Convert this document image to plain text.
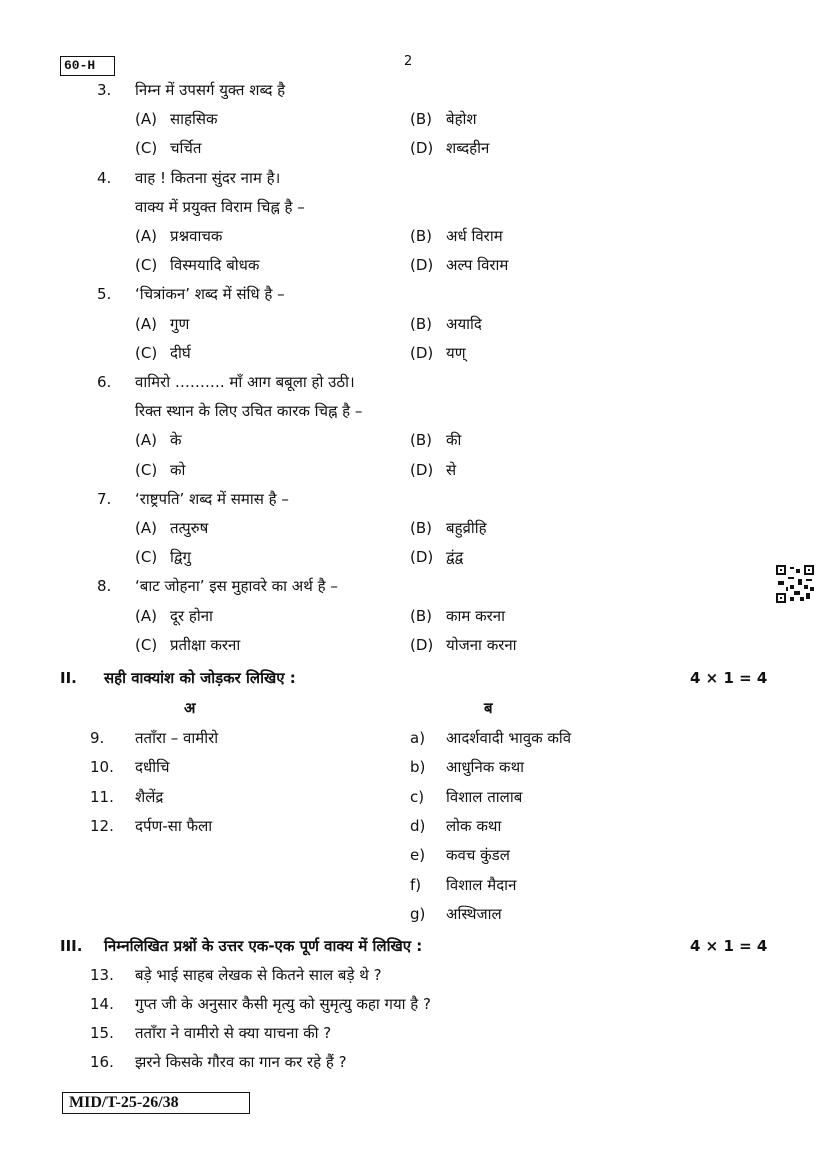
60-H	2
3. निम्न में उपसर्ग युक्त शब्द है
(A) साहसिक	(B) बेहोश
(C) चर्चित	(D) शब्दहीन
4. वाह ! कितना सुंदर नाम है।
वाक्य में प्रयुक्त विराम चिह्न है –
(A) प्रश्नवाचक	(B) अर्ध विराम
(C) विस्मयादि बोधक	(D) अल्प विराम
5. ‘चित्रांकन’ शब्द में संधि है –
(A) गुण	(B) अयादि
(C) दीर्घ	(D) यण्
6. वामिरो ………. माँ आग बबूला हो उठी।
रिक्त स्थान के लिए उचित कारक चिह्न है –
(A) के	(B) की
(C) को	(D) से
7. ‘राष्ट्रपति’ शब्द में समास है –
(A) तत्पुरुष	(B) बहुव्रीहि
(C) द्विगु	(D) द्वंद्व
8. ‘बाट जोहना’ इस मुहावरे का अर्थ है –
(A) दूर होना	(B) काम करना
(C) प्रतीक्षा करना	(D) योजना करना
II. सही वाक्यांश को जोड़कर लिखिए :	4 × 1 = 4
अ	ब
9. तताँरा – वामीरो	a) आदर्शवादी भावुक कवि
10. दधीचि	b) आधुनिक कथा
11. शैलेंद्र	c) विशाल तालाब
12. दर्पण-सा फैला	d) लोक कथा
e) कवच कुंडल
f) विशाल मैदान
g) अस्थिजाल
III. निम्नलिखित प्रश्नों के उत्तर एक-एक पूर्ण वाक्य में लिखिए :	4 × 1 = 4
13. बड़े भाई साहब लेखक से कितने साल बड़े थे ?
14. गुप्त जी के अनुसार कैसी मृत्यु को सुमृत्यु कहा गया है ?
15. तताँरा ने वामीरो से क्या याचना की ?
16. झरने किसके गौरव का गान कर रहे हैं ?
MID/T-25-26/38
